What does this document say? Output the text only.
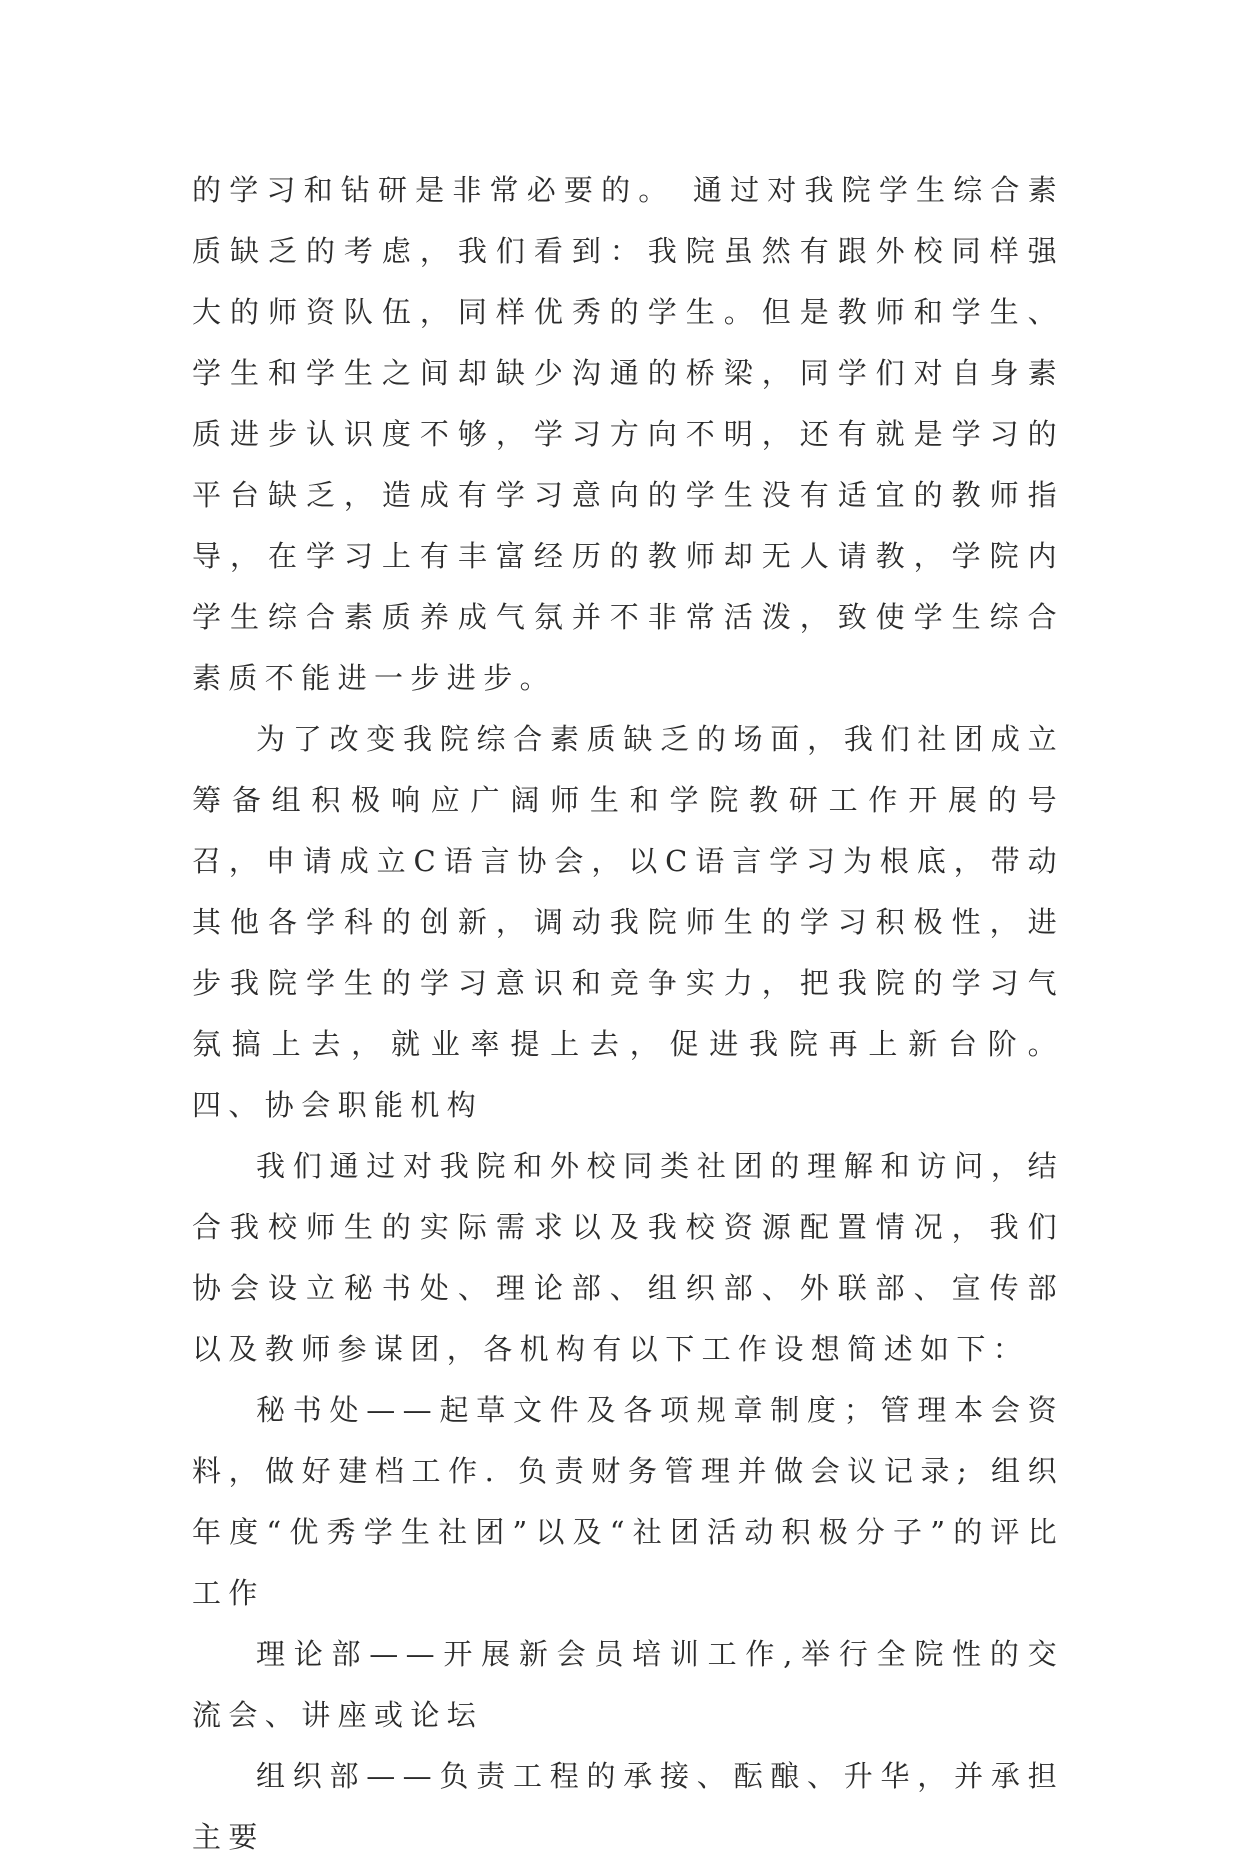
的学习和钻研是非常必要的。 通过对我院学生综合素质缺乏的考虑，我们看到：我院虽然有跟外校同样强大的师资队伍，同样优秀的学生。但是教师和学生、学生和学生之间却缺少沟通的桥梁，同学们对自身素质进步认识度不够，学习方向不明，还有就是学习的平台缺乏，造成有学习意向的学生没有适宜的教师指导，在学习上有丰富经历的教师却无人请教，学院内学生综合素质养成气氛并不非常活泼，致使学生综合素质不能进一步进步。

为了改变我院综合素质缺乏的场面，我们社团成立筹备组积极响应广阔师生和学院教研工作开展的号召，申请成立C语言协会，以C语言学习为根底，带动其他各学科的创新，调动我院师生的学习积极性，进步我院学生的学习意识和竞争实力，把我院的学习气氛搞上去，就业率提上去，促进我院再上新台阶。 四、协会职能机构

我们通过对我院和外校同类社团的理解和访问，结合我校师生的实际需求以及我校资源配置情况，我们协会设立秘书处、理论部、组织部、外联部、宣传部以及教师参谋团，各机构有以下工作设想简述如下：

秘书处——起草文件及各项规章制度；管理本会资料，做好建档工作. 负责财务管理并做会议记录; 组织年度“优秀学生社团”以及“社团活动积极分子”的评比工作

理论部——开展新会员培训工作,举行全院性的交流会、讲座或论坛

组织部——负责工程的承接、酝酿、升华，并承担主要
